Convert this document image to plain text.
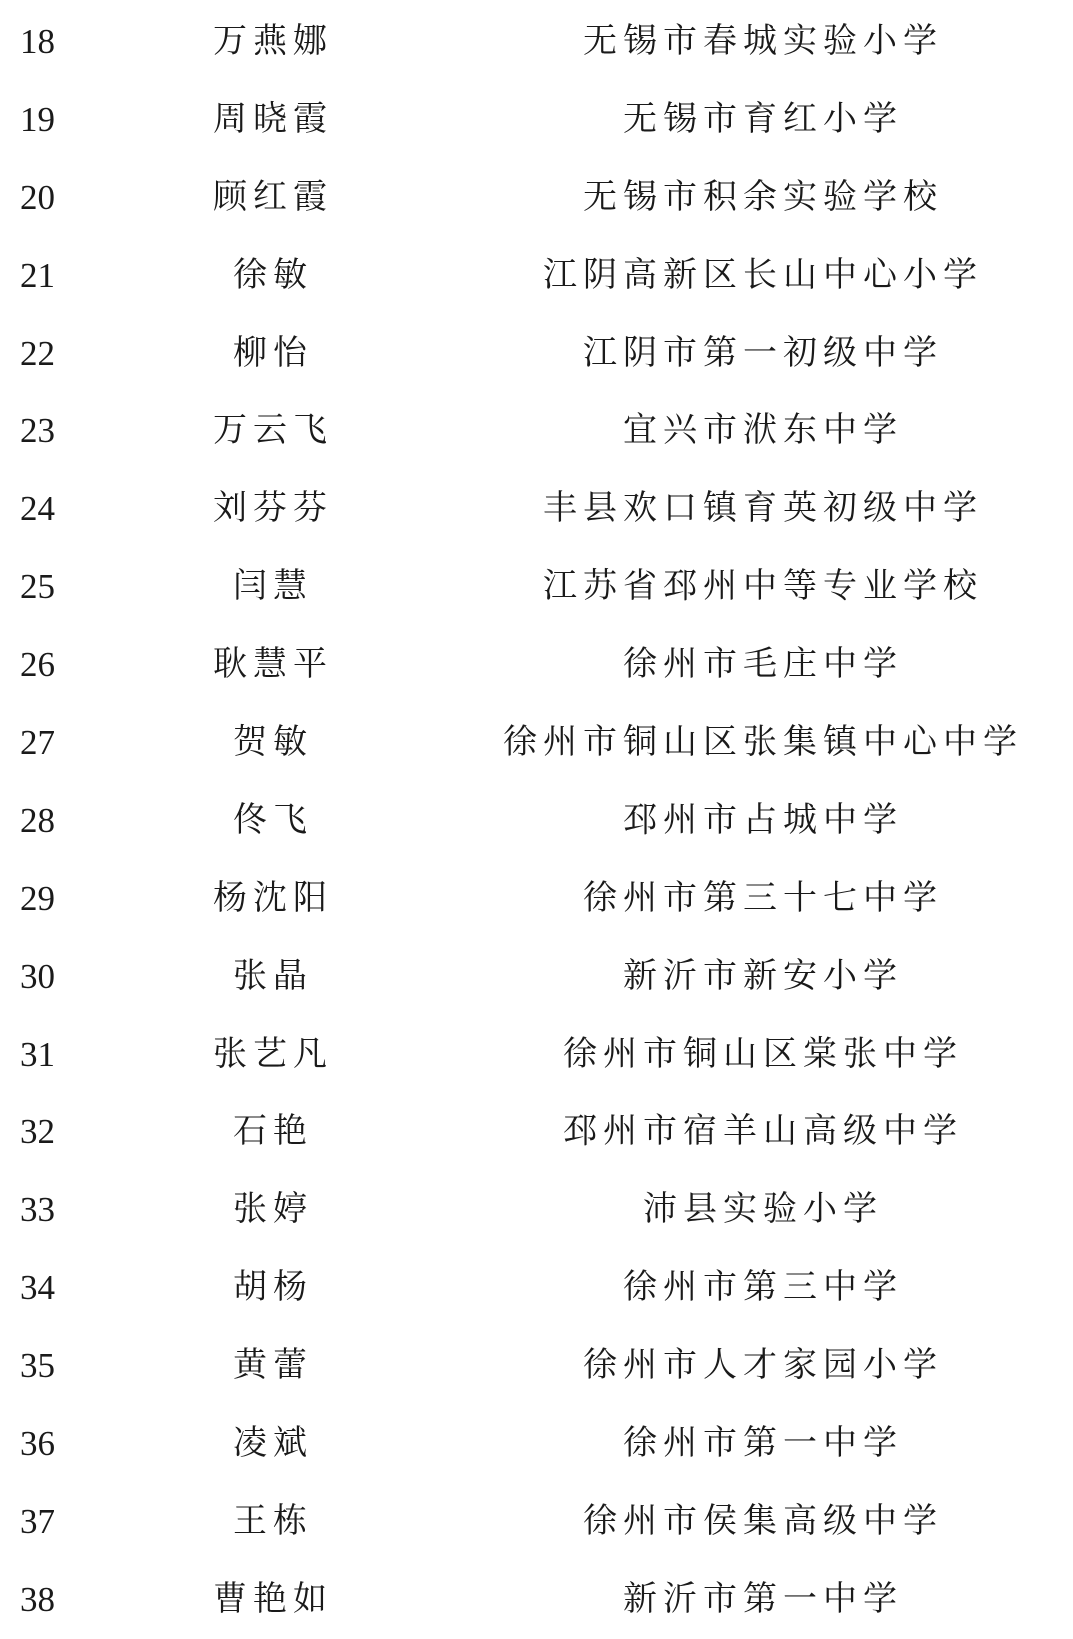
18	万燕娜	无锡市春城实验小学
19	周晓霞	无锡市育红小学
20	顾红霞	无锡市积余实验学校
21	徐敏	江阴高新区长山中心小学
22	柳怡	江阴市第一初级中学
23	万云飞	宜兴市洑东中学
24	刘芬芬	丰县欢口镇育英初级中学
25	闫慧	江苏省邳州中等专业学校
26	耿慧平	徐州市毛庄中学
27	贺敏	徐州市铜山区张集镇中心中学
28	佟飞	邳州市占城中学
29	杨沈阳	徐州市第三十七中学
30	张晶	新沂市新安小学
31	张艺凡	徐州市铜山区棠张中学
32	石艳	邳州市宿羊山高级中学
33	张婷	沛县实验小学
34	胡杨	徐州市第三中学
35	黄蕾	徐州市人才家园小学
36	凌斌	徐州市第一中学
37	王栋	徐州市侯集高级中学
38	曹艳如	新沂市第一中学
